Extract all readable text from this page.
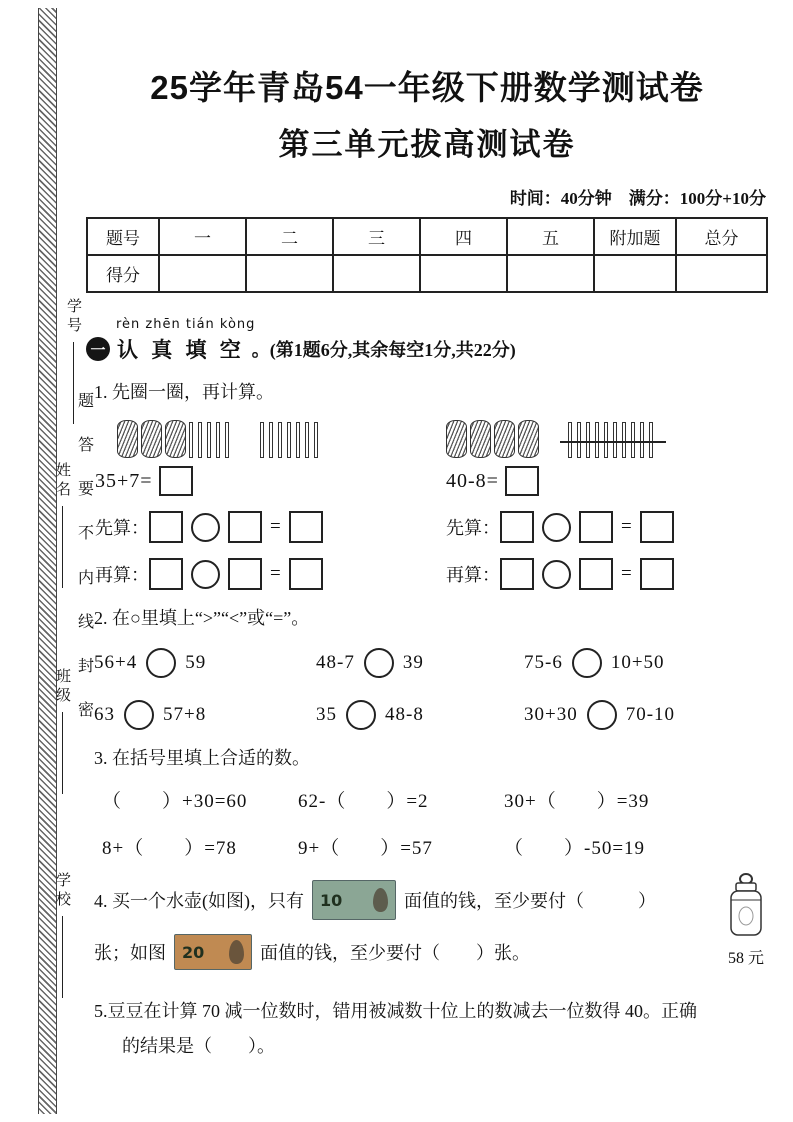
学号
姓名
班级
学校
题
答
要
不
内
线
封
密
25学年青岛54一年级下册数学测试卷
第三单元拔高测试卷
时间：40分钟　满分：100分+10分
题号	一	二	三	四	五	附加题	总分
得分							
rèn zhēn tián kòng
一 认 真 填 空 。(第1题6分,其余每空1分,共22分)
1. 先圈一圈，再计算。
35+7=
先算：	=
再算：	=
40-8=
先算：	=
再算：	=
2. 在○里填上“>”“<”或“=”。
56+4	59	48-7	39	75-6	10+50
63	57+8	35	48-8	30+30	70-10
3. 在括号里填上合适的数。
（　　）+30=60	62-（　　）=2	30+（　　）=39
8+（　　）=78	9+（　　）=57	（　　）-50=19
4. 买一个水壶(如图)，只有 10	面值的钱，至少要付（　　　）
张；如图 20	面值的钱，至少要付（　　）张。	58 元
5.豆豆在计算 70 减一位数时，错用被减数十位上的数减去一位数得 40。正确
的结果是（　　）。
